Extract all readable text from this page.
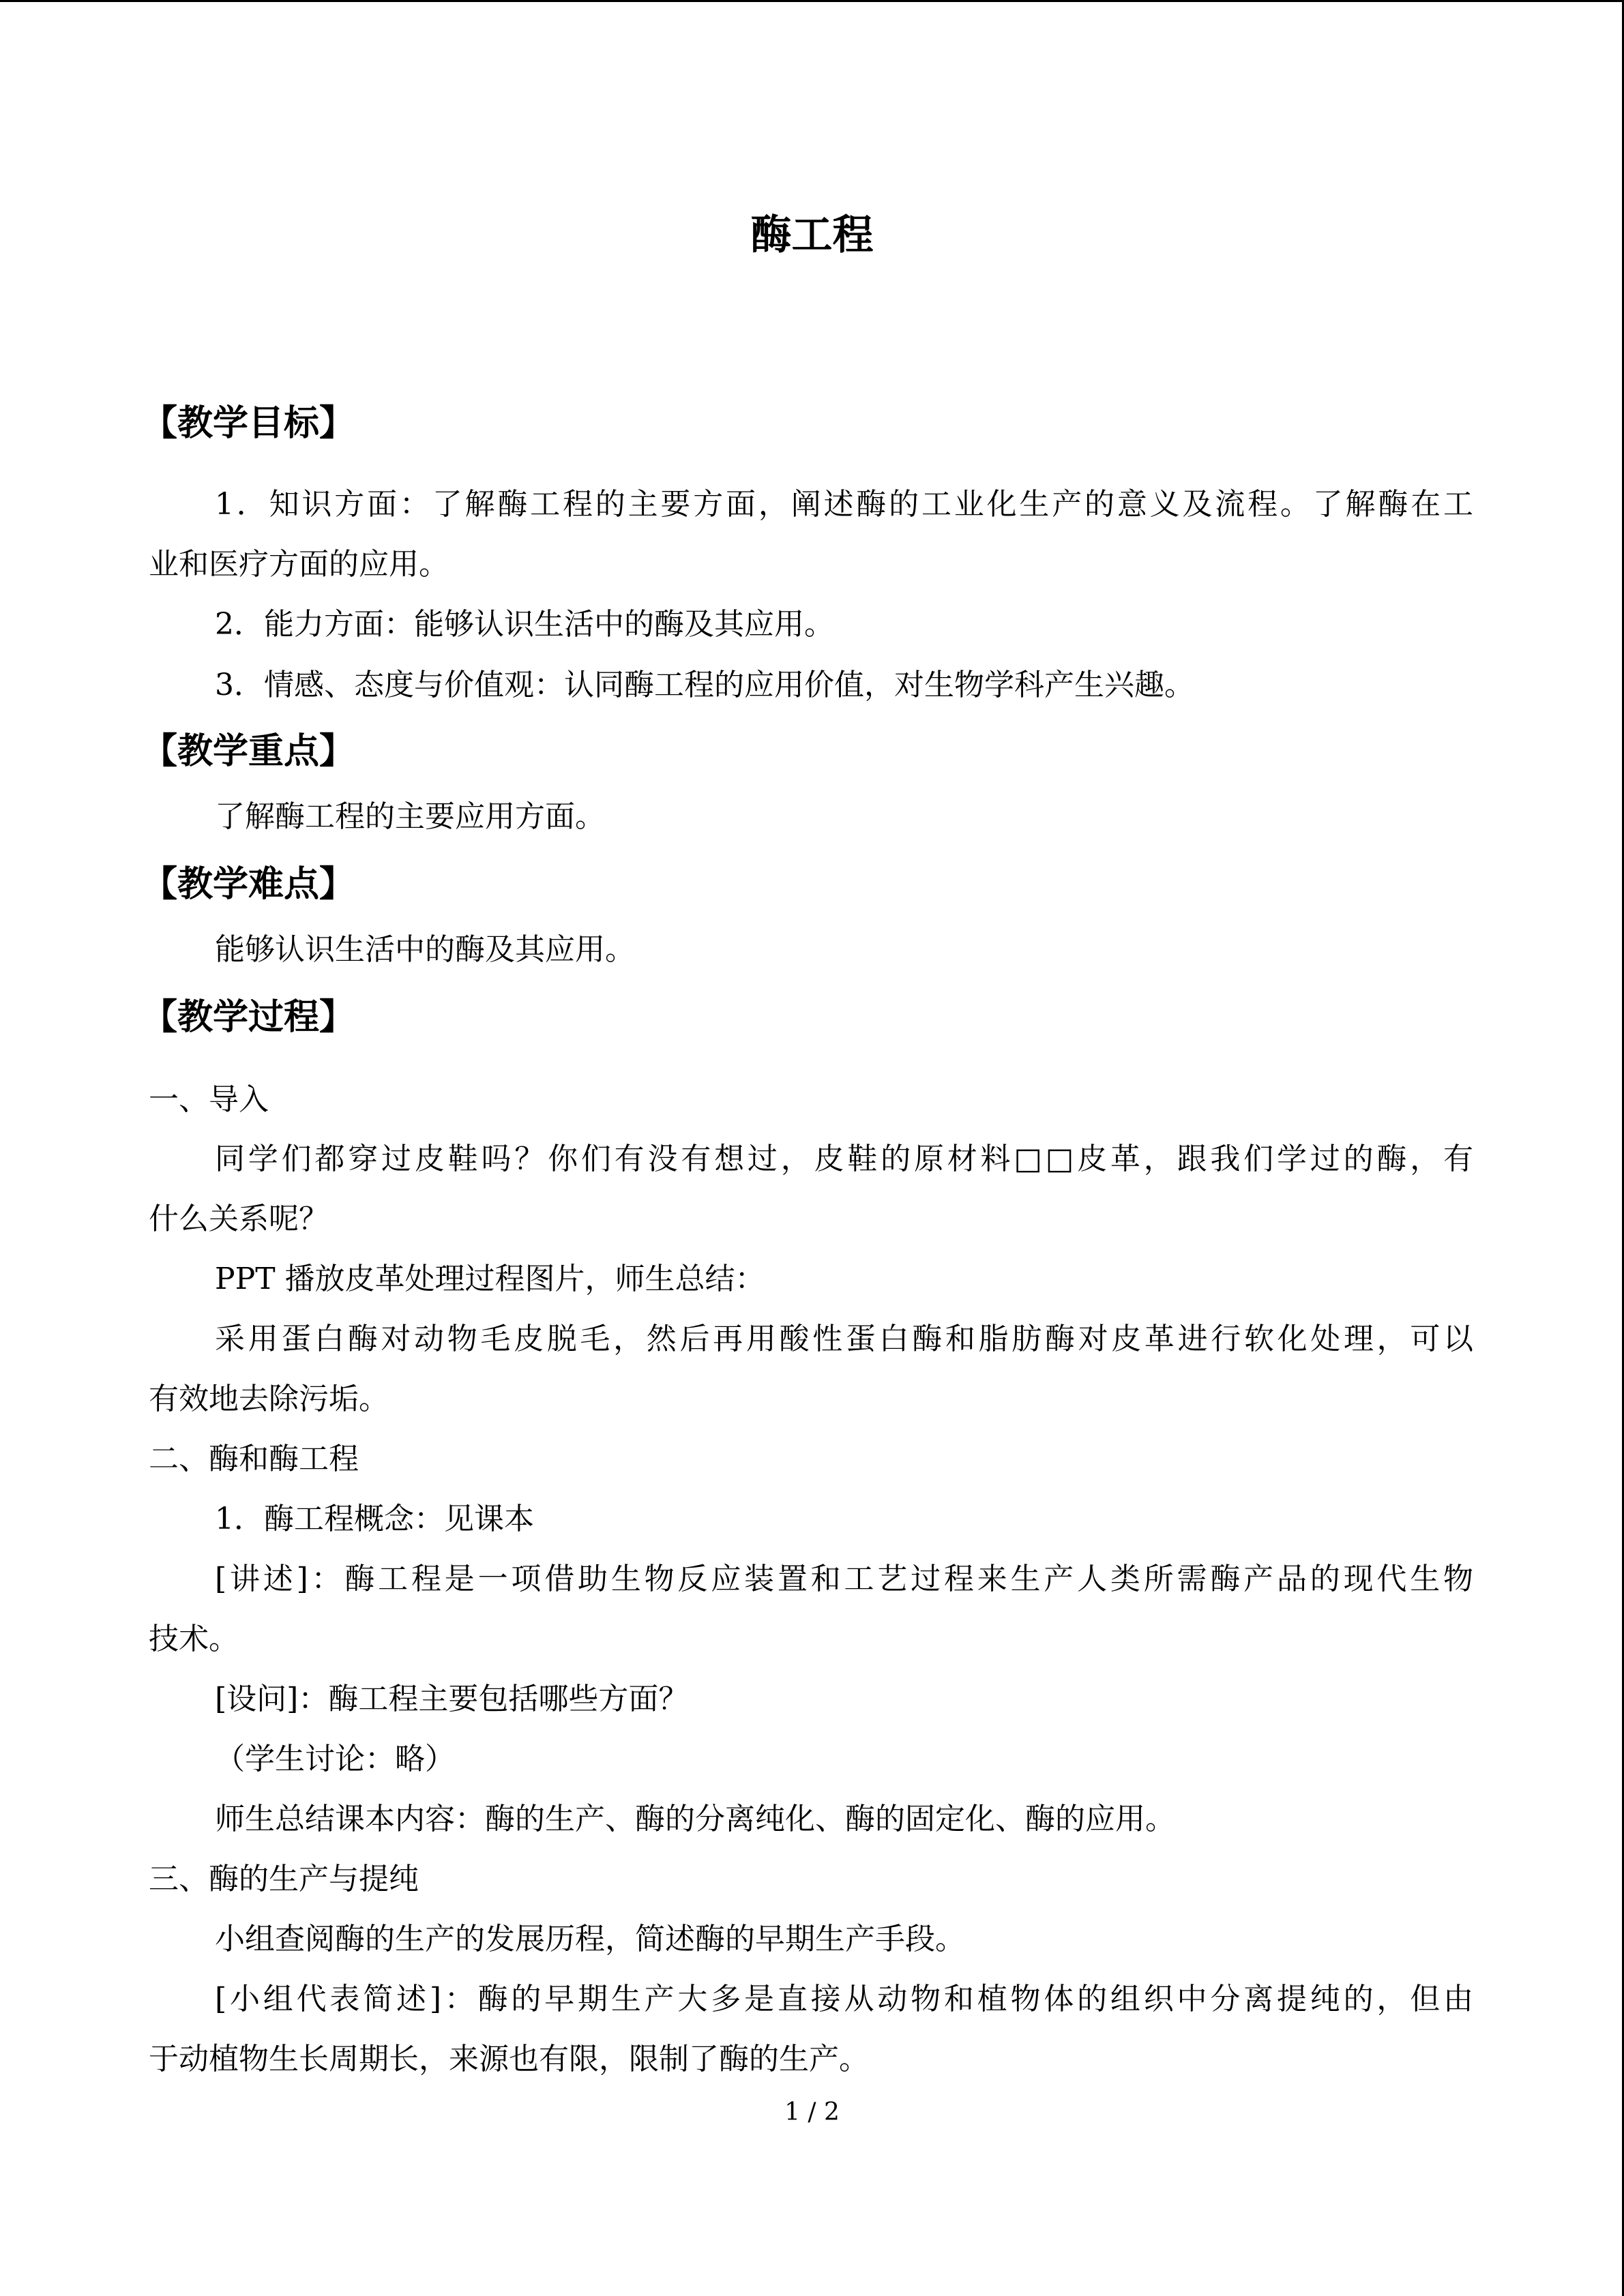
酶工程
【教学目标】

1．知识方面：了解酶工程的主要方面，阐述酶的工业化生产的意义及流程。了解酶在工

业和医疗方面的应用。

2．能力方面：能够认识生活中的酶及其应用。

3．情感、态度与价值观：认同酶工程的应用价值，对生物学科产生兴趣。

【教学重点】

了解酶工程的主要应用方面。

【教学难点】

能够认识生活中的酶及其应用。

【教学过程】

一、导入

同学们都穿过皮鞋吗？你们有没有想过，皮鞋的原材料□□皮革，跟我们学过的酶，有

什么关系呢？

PPT 播放皮革处理过程图片，师生总结：

采用蛋白酶对动物毛皮脱毛，然后再用酸性蛋白酶和脂肪酶对皮革进行软化处理，可以

有效地去除污垢。

二、酶和酶工程

1．酶工程概念：见课本

[讲述]：酶工程是一项借助生物反应装置和工艺过程来生产人类所需酶产品的现代生物

技术。

[设问]：酶工程主要包括哪些方面？

（学生讨论：略）

师生总结课本内容：酶的生产、酶的分离纯化、酶的固定化、酶的应用。

三、酶的生产与提纯

小组查阅酶的生产的发展历程，简述酶的早期生产手段。

[小组代表简述]：酶的早期生产大多是直接从动物和植物体的组织中分离提纯的，但由

于动植物生长周期长，来源也有限，限制了酶的生产。

1 / 2
